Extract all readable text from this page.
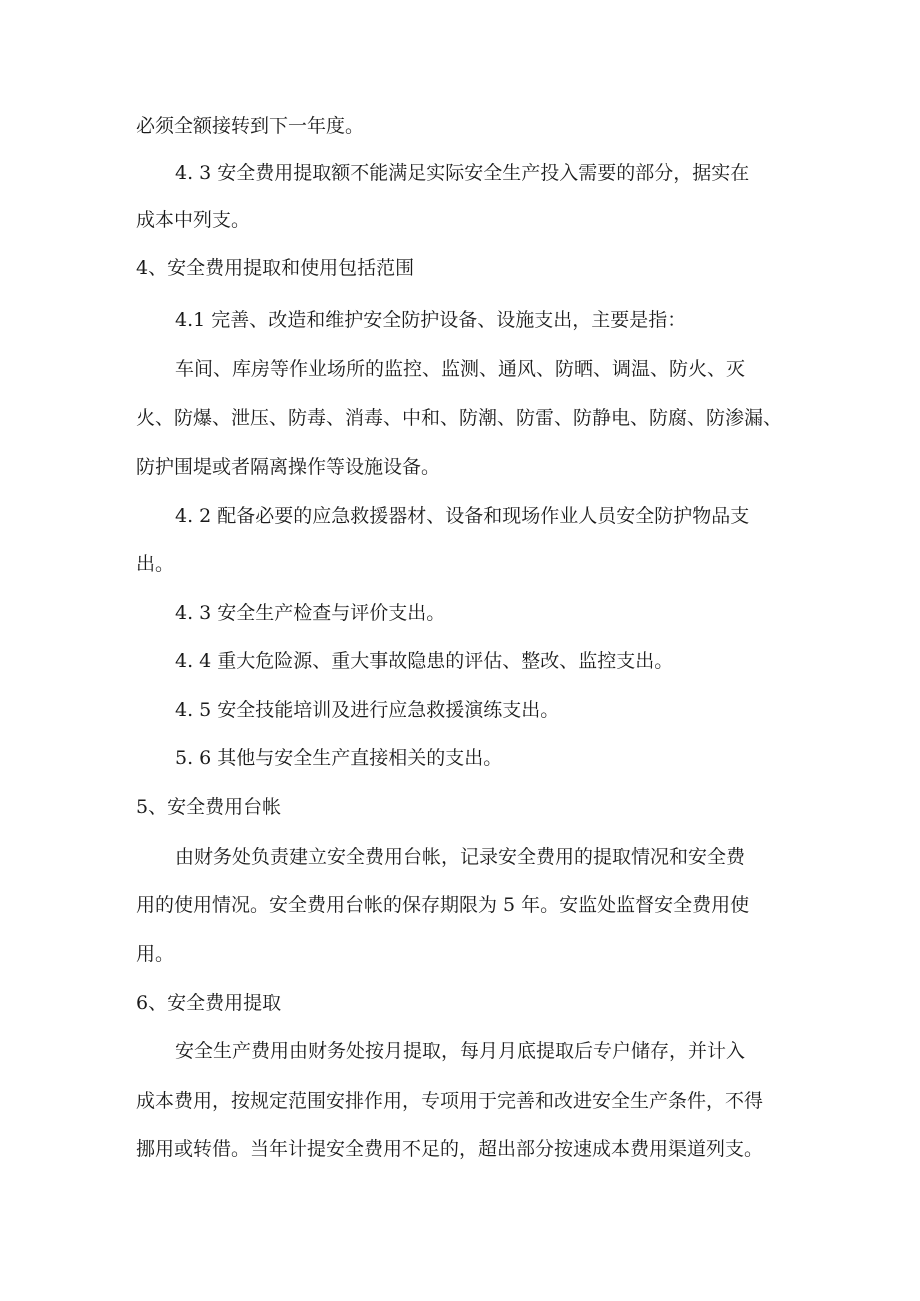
必须全额接转到下一年度。
4. 3 安全费用提取额不能满足实际安全生产投入需要的部分，据实在
成本中列支。
4、安全费用提取和使用包括范围
4.1 完善、改造和维护安全防护设备、设施支出，主要是指：
车间、库房等作业场所的监控、监测、通风、防晒、调温、防火、灭
火、防爆、泄压、防毒、消毒、中和、防潮、防雷、防静电、防腐、防渗漏、
防护围堤或者隔离操作等设施设备。
4. 2 配备必要的应急救援器材、设备和现场作业人员安全防护物品支
出。
4. 3 安全生产检查与评价支出。
4. 4 重大危险源、重大事故隐患的评估、整改、监控支出。
4. 5 安全技能培训及进行应急救援演练支出。
5. 6 其他与安全生产直接相关的支出。
5、安全费用台帐
由财务处负责建立安全费用台帐，记录安全费用的提取情况和安全费
用的使用情况。安全费用台帐的保存期限为 5 年。安监处监督安全费用使
用。
6、安全费用提取
安全生产费用由财务处按月提取，每月月底提取后专户储存，并计入
成本费用，按规定范围安排作用，专项用于完善和改进安全生产条件，不得
挪用或转借。当年计提安全费用不足的，超出部分按速成本费用渠道列支。
